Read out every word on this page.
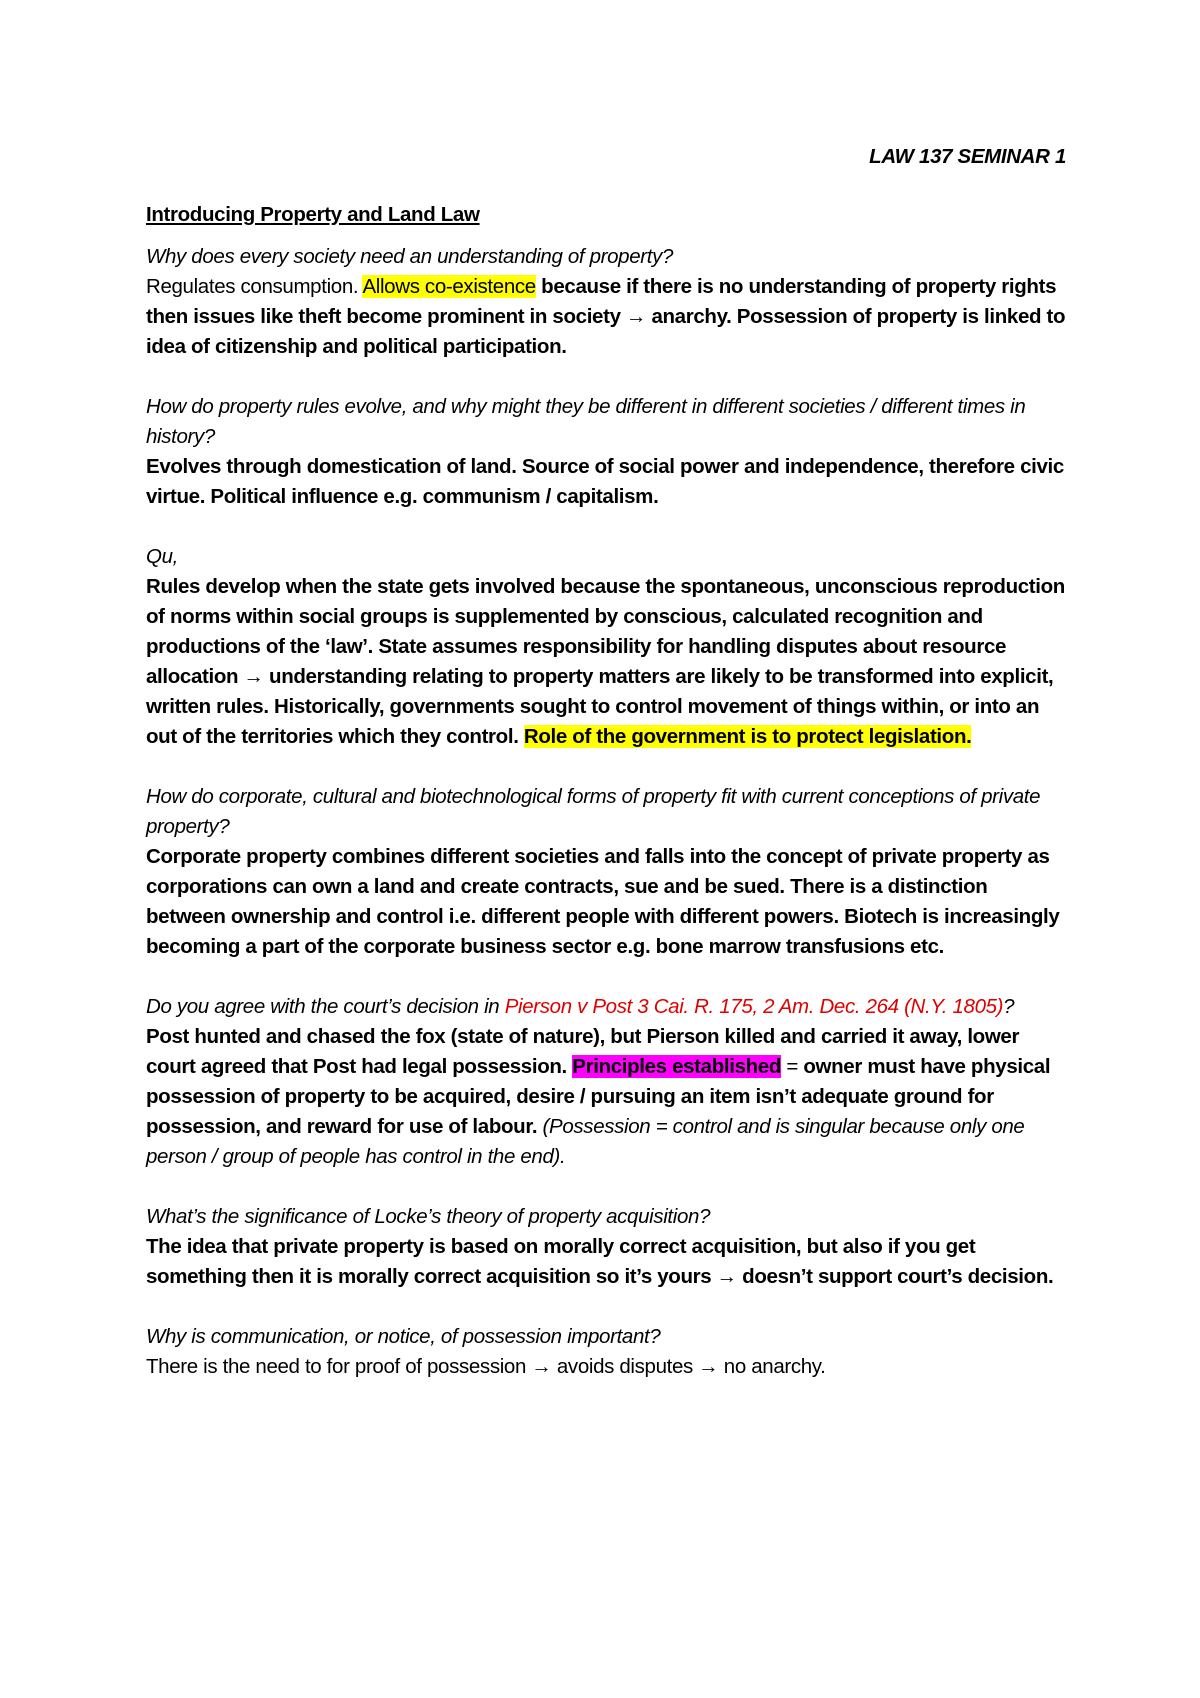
LAW 137 SEMINAR 1

Introducing Property and Land Law

Why does every society need an understanding of property?

Regulates consumption. Allows co-existence because if there is no understanding of property rights then issues like theft become prominent in society → anarchy. Possession of property is linked to idea of citizenship and political participation.

How do property rules evolve, and why might they be different in different societies / different times in history?

Evolves through domestication of land. Source of social power and independence, therefore civic virtue. Political influence e.g. communism / capitalism.

Qu,

Rules develop when the state gets involved because the spontaneous, unconscious reproduction of norms within social groups is supplemented by conscious, calculated recognition and productions of the ‘law’. State assumes responsibility for handling disputes about resource allocation → understanding relating to property matters are likely to be transformed into explicit, written rules. Historically, governments sought to control movement of things within, or into an out of the territories which they control. Role of the government is to protect legislation.

How do corporate, cultural and biotechnological forms of property fit with current conceptions of private property?

Corporate property combines different societies and falls into the concept of private property as corporations can own a land and create contracts, sue and be sued. There is a distinction between ownership and control i.e. different people with different powers. Biotech is increasingly becoming a part of the corporate business sector e.g. bone marrow transfusions etc.

Do you agree with the court’s decision in Pierson v Post 3 Cai. R. 175, 2 Am. Dec. 264 (N.Y. 1805)?

Post hunted and chased the fox (state of nature), but Pierson killed and carried it away, lower court agreed that Post had legal possession. Principles established = owner must have physical possession of property to be acquired, desire / pursuing an item isn’t adequate ground for possession, and reward for use of labour. (Possession = control and is singular because only one person / group of people has control in the end).

What’s the significance of Locke’s theory of property acquisition?

The idea that private property is based on morally correct acquisition, but also if you get something then it is morally correct acquisition so it’s yours → doesn’t support court’s decision.

Why is communication, or notice, of possession important?

There is the need to for proof of possession → avoids disputes → no anarchy.
